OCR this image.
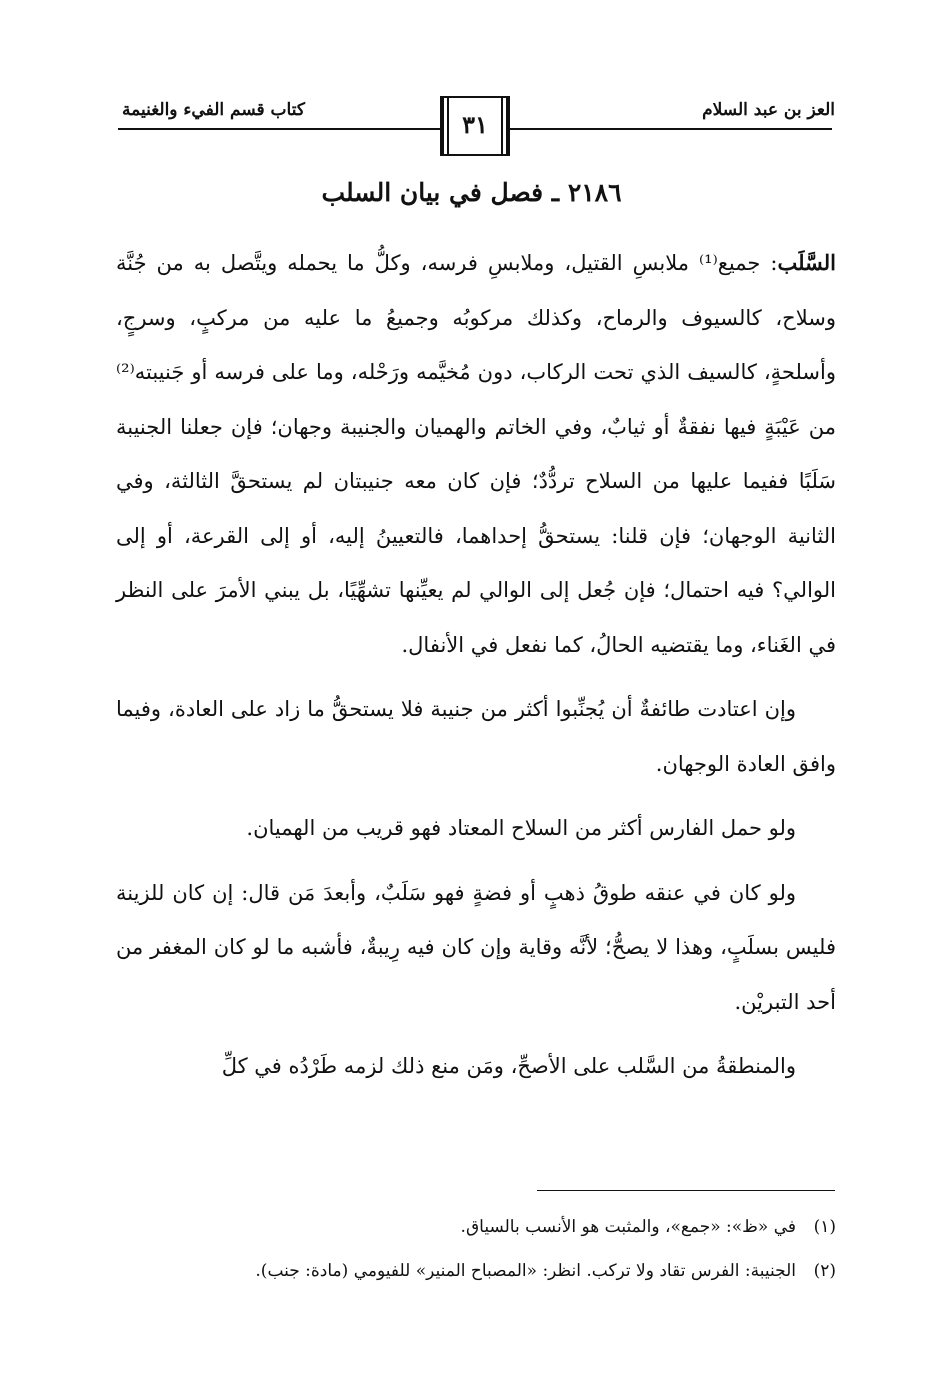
العز بن عبد السلام
كتاب قسم الفيء والغنيمة	٣١
٢١٨٦ ـ فصل في بيان السلب

السَّلَب: جميع⁽¹⁾ ملابسِ القتيل، وملابسِ فرسه، وكلُّ ما يحمله ويتَّصل به من جُنَّة وسلاح، كالسيوف والرماح، وكذلك مركوبُه وجميعُ ما عليه من مركبٍ، وسرجٍ، وأسلحةٍ، كالسيف الذي تحت الركاب، دون مُخيَّمه ورَحْله، وما على فرسه أو جَنيبته⁽²⁾ من عَيْبَةٍ فيها نفقةٌ أو ثيابٌ، وفي الخاتم والهميان والجنيبة وجهان؛ فإن جعلنا الجنيبة سَلَبًا ففيما عليها من السلاح تردُّدٌ؛ فإن كان معه جنيبتان لم يستحقَّ الثالثة، وفي الثانية الوجهان؛ فإن قلنا: يستحقُّ إحداهما، فالتعيينُ إليه، أو إلى القرعة، أو إلى الوالي؟ فيه احتمال؛ فإن جُعل إلى الوالي لم يعيِّنها تشهِّيًا، بل يبني الأمرَ على النظر في الغَناء، وما يقتضيه الحالُ، كما نفعل في الأنفال.

وإن اعتادت طائفةٌ أن يُجنِّبوا أكثر من جنيبة فلا يستحقُّ ما زاد على العادة، وفيما وافق العادة الوجهان.

ولو حمل الفارس أكثر من السلاح المعتاد فهو قريب من الهميان.

ولو كان في عنقه طوقُ ذهبٍ أو فضةٍ فهو سَلَبٌ، وأبعدَ مَن قال: إن كان للزينة فليس بسلَبٍ، وهذا لا يصحُّ؛ لأنَّه وقاية وإن كان فيه رِيبةٌ، فأشبه ما لو كان المغفر من أحد التبريْن.

والمنطقةُ من السَّلب على الأصحِّ، ومَن منع ذلك لزمه طَرْدُه في كلِّ

(١)في «ظ»: «جمع»، والمثبت هو الأنسب بالسياق.
(٢)الجنيبة: الفرس تقاد ولا تركب. انظر: «المصباح المنير» للفيومي (مادة: جنب).
